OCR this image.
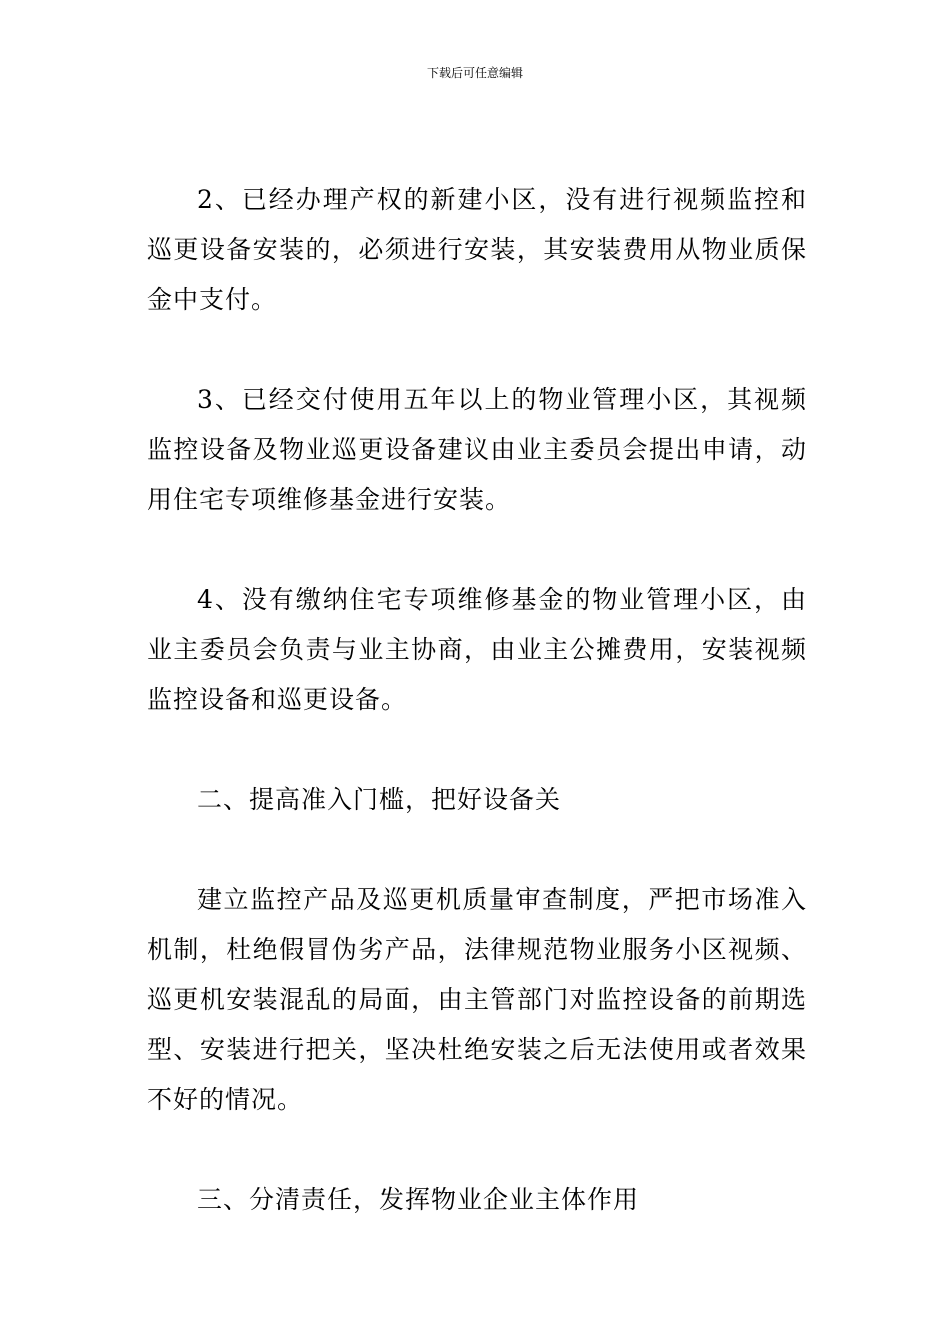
下载后可任意编辑

2、已经办理产权的新建小区，没有进行视频监控和巡更设备安装的，必须进行安装，其安装费用从物业质保金中支付。

3、已经交付使用五年以上的物业管理小区，其视频监控设备及物业巡更设备建议由业主委员会提出申请，动用住宅专项维修基金进行安装。

4、没有缴纳住宅专项维修基金的物业管理小区，由业主委员会负责与业主协商，由业主公摊费用，安装视频监控设备和巡更设备。

二、提高准入门槛，把好设备关

建立监控产品及巡更机质量审查制度，严把市场准入机制，杜绝假冒伪劣产品，法律规范物业服务小区视频、巡更机安装混乱的局面，由主管部门对监控设备的前期选型、安装进行把关，坚决杜绝安装之后无法使用或者效果不好的情况。

三、分清责任，发挥物业企业主体作用
